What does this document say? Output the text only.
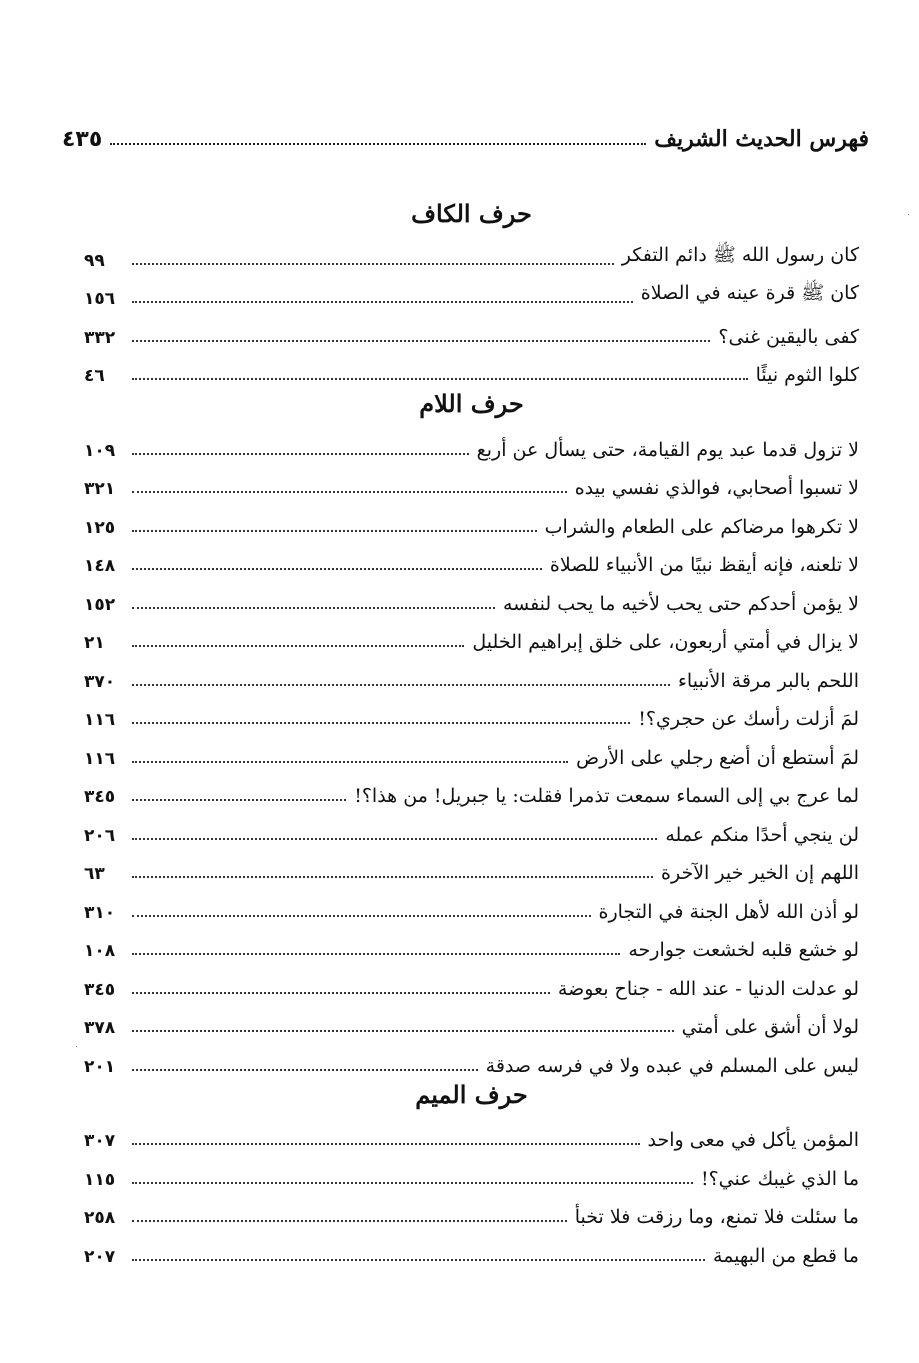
فهرس الحديث الشريف
٤٣٥
حرف الكاف
كان رسول الله ﷺ دائم التفكر
٩٩
كان ﷺ قرة عينه في الصلاة
١٥٦
كفى باليقين غنى؟
٣٣٢
كلوا الثوم نيئًا
٤٦
حرف اللام
لا تزول قدما عبد يوم القيامة، حتى يسأل عن أربع
١٠٩
لا تسبوا أصحابي، فوالذي نفسي بيده
٣٢١
لا تكرهوا مرضاكم على الطعام والشراب
١٢٥
لا تلعنه، فإنه أيقظ نبيًا من الأنبياء للصلاة
١٤٨
لا يؤمن أحدكم حتى يحب لأخيه ما يحب لنفسه
١٥٢
لا يزال في أمتي أربعون، على خلق إبراهيم الخليل
٢١
اللحم بالبر مرقة الأنبياء
٣٧٠
لمَ أزلت رأسك عن حجري؟!
١١٦
لمَ أستطع أن أضع رجلي على الأرض
١١٦
لما عرج بي إلى السماء سمعت تذمرا فقلت: يا جبريل! من هذا؟!
٣٤٥
لن ينجي أحدًا منكم عمله
٢٠٦
اللهم إن الخير خير الآخرة
٦٣
لو أذن الله لأهل الجنة في التجارة
٣١٠
لو خشع قلبه لخشعت جوارحه
١٠٨
لو عدلت الدنيا - عند الله - جناح بعوضة
٣٤٥
لولا أن أشق على أمتي
٣٧٨
ليس على المسلم في عبده ولا في فرسه صدقة
٢٠١
حرف الميم
المؤمن يأكل في معى واحد
٣٠٧
ما الذي غيبك عني؟!
١١٥
ما سئلت فلا تمنع، وما رزقت فلا تخبأ
٢٥٨
ما قطع من البهيمة
٢٠٧
